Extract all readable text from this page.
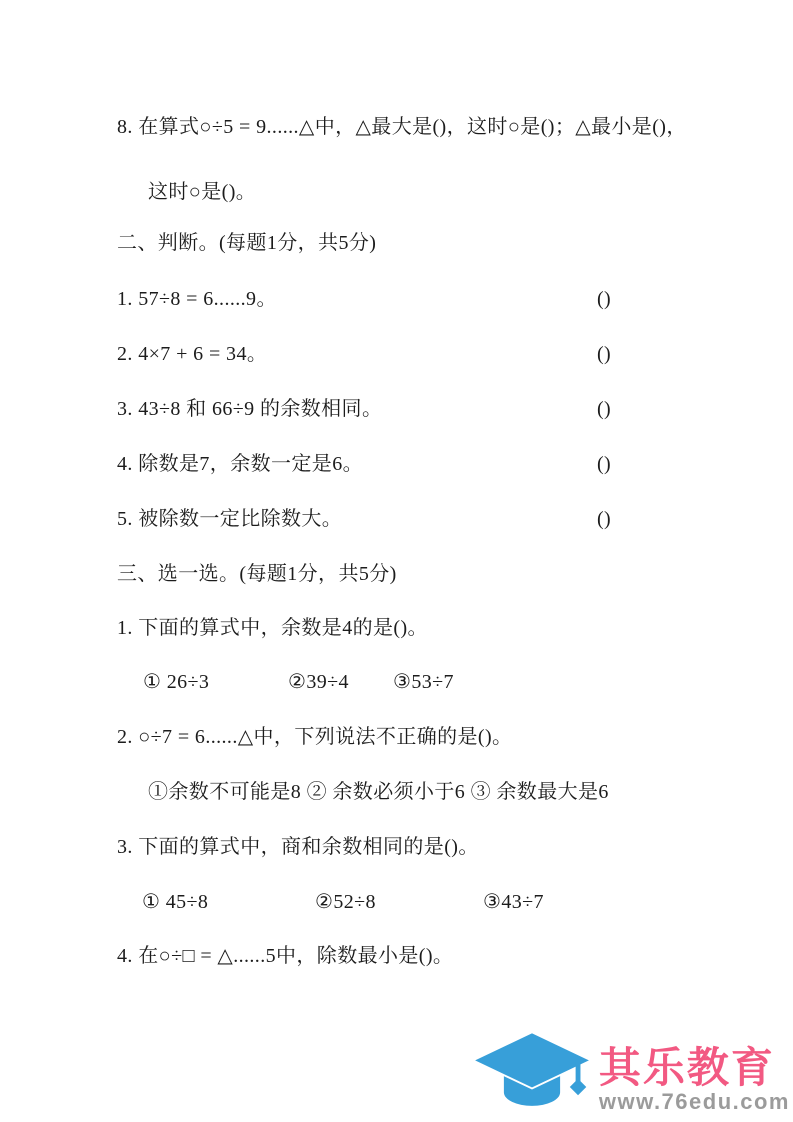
8. 在算式○÷5 = 9......△中，△最大是()，这时○是()；△最小是()，
这时○是()。
二、判断。(每题1分，共5分)
1. 57÷8 = 6......9。	()
2. 4×7 + 6 = 34。	()
3. 43÷8 和 66÷9 的余数相同。	()
4. 除数是7，余数一定是6。	()
5. 被除数一定比除数大。	()
三、选一选。(每题1分，共5分)
1. 下面的算式中，余数是4的是()。
① 26÷3	②39÷4 ③53÷7
2. ○÷7 = 6......△中，下列说法不正确的是()。
①余数不可能是8 ② 余数必须小于6 ③ 余数最大是6
3. 下面的算式中，商和余数相同的是()。
① 45÷8	②52÷8	③43÷7
4. 在○÷□ = △......5中，除数最小是()。
其乐教育
www.76edu.com
